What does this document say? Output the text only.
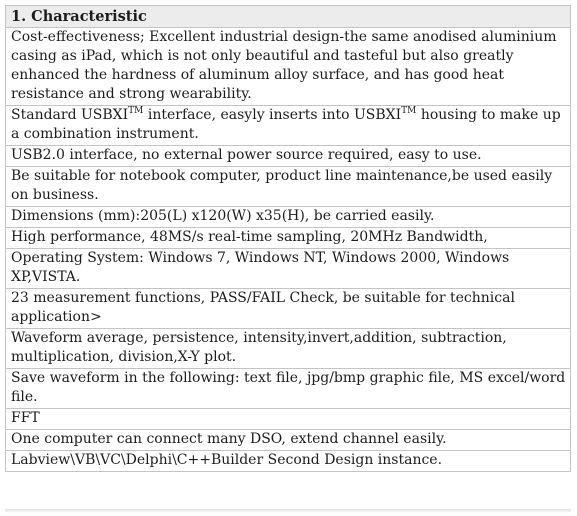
1. Characteristic
Cost-effectiveness; Excellent industrial design-the same anodised aluminium casing as iPad, which is not only beautiful and tasteful but also greatly enhanced the hardness of aluminum alloy surface, and has good heat resistance and strong wearability.
Standard USBXI™ interface, easyly inserts into USBXI™ housing to make up a combination instrument.
USB2.0 interface, no external power source required, easy to use.
Be suitable for notebook computer, product line maintenance,be used easily on business.
Dimensions (mm):205(L) x120(W) x35(H), be carried easily.
High performance, 48MS/s real-time sampling, 20MHz Bandwidth,
Operating System: Windows 7, Windows NT, Windows 2000, Windows XP,VISTA.
23 measurement functions, PASS/FAIL Check, be suitable for technical application>
Waveform average, persistence, intensity,invert,addition, subtraction, multiplication, division,X-Y plot.
Save waveform in the following: text file, jpg/bmp graphic file, MS excel/word file.
FFT
One computer can connect many DSO, extend channel easily.
Labview\VB\VC\Delphi\C++Builder Second Design instance.
